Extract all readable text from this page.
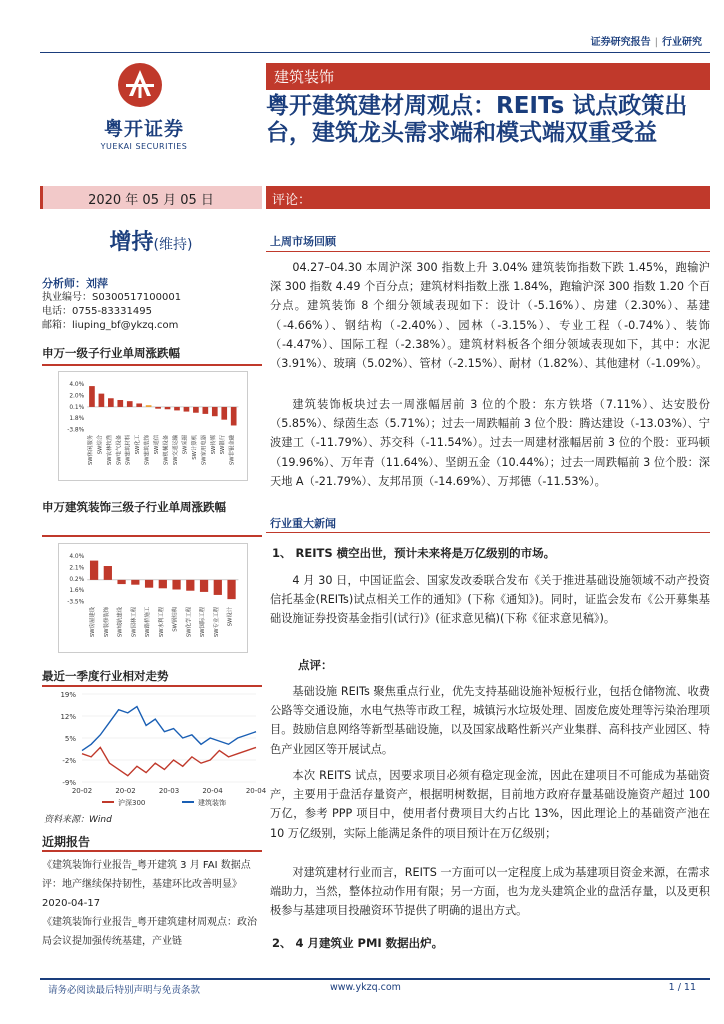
证券研究报告 | 行业研究
粤开证券
YUEKAI SECURITIES
建筑装饰
粤开建筑建材周观点：REITs 试点政策出台，建筑龙头需求端和模式端双重受益
2020 年 05 月 05 日	评论：
增持(维持)
分析师：刘萍
执业编号：S0300517100001
电话：0755-83331495
邮箱：liuping_bf@ykzq.com
申万一级子行业单周涨跌幅
4.0%
2.0%
0.1%
1.8%
-3.8%
SW休闲服务 SW综合 SW农林牧渔 SW电气设备 SW建筑材料 SW化工 SW建筑装饰 SW通信 SW机械设备 SW交通运输 SW采掘 SW计算机 SW家用电器 SW传媒 SW银行 SW非银金融
申万建筑装饰三级子行业单周涨跌幅
4.0%
2.1%
0.2%
1.6%
-3.5%
SW房屋建设	SW装修装饰	SW城轨建设	SW园林工程	SW路桥施工	SW水利工程	SW钢结构	SW化学工程	SW国际工程	SW专业工程	SW设计
最近一季度行业相对走势
19%
12%
5%
-2%
-9%
20-02	20-02	20-03	20-04	20-04
沪深300	建筑装饰
资料来源：Wind
近期报告
《建筑装饰行业报告_粤开建筑 3 月 FAI 数据点评：地产继续保持韧性，基建环比改善明显》2020-04-17
《建筑装饰行业报告_粤开建筑建材周观点：政治局会议提加强传统基建，产业链
上周市场回顾
04.27–04.30 本周沪深 300 指数上升 3.04% 建筑装饰指数下跌 1.45%，跑输沪深 300 指数 4.49 个百分点；建筑材料指数上涨 1.84%，跑输沪深 300 指数 1.20 个百分点。建筑装饰 8 个细分领域表现如下：设计（-5.16%）、房建（2.30%）、基建（-4.66%）、钢结构（-2.40%）、园林（-3.15%）、专业工程（-0.74%）、装饰（-4.47%）、国际工程（-2.38%）。建筑材料板各个细分领域表现如下，其中：水泥（3.91%）、玻璃（5.02%）、管材（-2.15%）、耐材（1.82%）、其他建材（-1.09%）。
建筑装饰板块过去一周涨幅居前 3 位的个股：东方铁塔（7.11%）、达安股份（5.85%）、绿茵生态（5.71%）；过去一周跌幅前 3 位个股：腾达建设（-13.03%）、宁波建工（-11.79%）、苏交科（-11.54%）。过去一周建材涨幅居前 3 位的个股：亚玛顿（19.96%）、万年青（11.64%）、坚朗五金（10.44%）；过去一周跌幅前 3 位个股：深天地 A（-21.79%）、友邦吊顶（-14.69%）、万邦德（-11.53%）。
行业重大新闻
1、 REITS 横空出世，预计未来将是万亿级别的市场。
4 月 30 日，中国证监会、国家发改委联合发布《关于推进基础设施领域不动产投资信托基金(REITs)试点相关工作的通知》(下称《通知》)。同时，证监会发布《公开募集基础设施证券投资基金指引(试行)》(征求意见稿)(下称《征求意见稿》)。
点评：
基础设施 REITs 聚焦重点行业，优先支持基础设施补短板行业，包括仓储物流、收费公路等交通设施，水电气热等市政工程，城镇污水垃圾处理、固废危废处理等污染治理项目。鼓励信息网络等新型基础设施，以及国家战略性新兴产业集群、高科技产业园区、特色产业园区等开展试点。
本次 REITS 试点，因要求项目必须有稳定现金流，因此在建项目不可能成为基础资产，主要用于盘活存量资产，根据明树数据，目前地方政府存量基础设施资产超过 100 万亿，参考 PPP 项目中，使用者付费项目大约占比 13%，因此理论上的基础资产池在 10 万亿级别，实际上能满足条件的项目预计在万亿级别；
对建筑建材行业而言，REITS 一方面可以一定程度上成为基建项目资金来源，在需求端助力，当然，整体拉动作用有限；另一方面，也为龙头建筑企业的盘活存量，以及更积极参与基建项目投融资环节提供了明确的退出方式。
2、 4 月建筑业 PMI 数据出炉。
请务必阅读最后特别声明与免责条款	www.ykzq.com	1 / 11
